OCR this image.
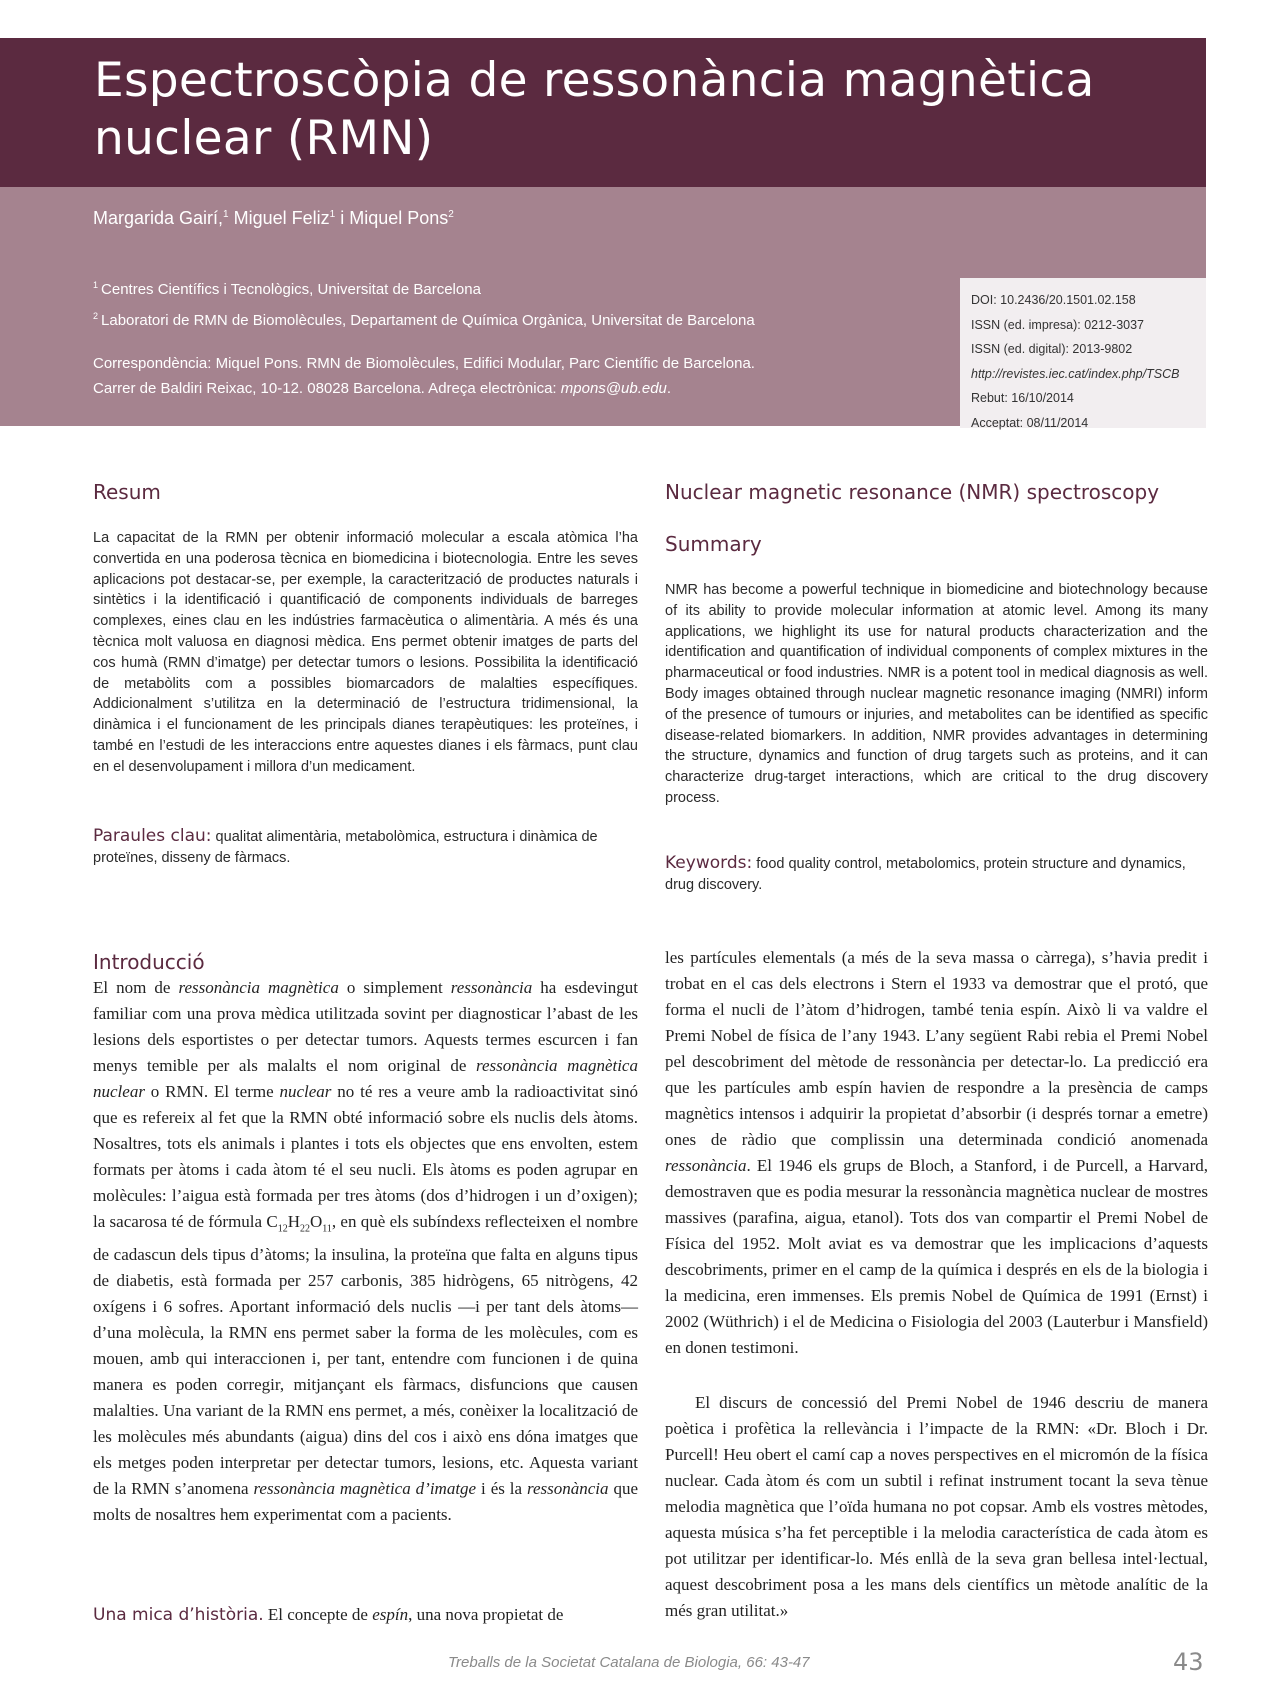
Espectroscòpia de ressonància magnètica
nuclear (RMN)
Margarida Gairí,$^1$ Miguel Feliz$^1$ i Miquel Pons$^2$
$^1$ Centres Científics i Tecnològics, Universitat de Barcelona
$^2$ Laboratori de RMN de Biomolècules, Departament de Química Orgànica, Universitat de Barcelona
Correspondència: Miquel Pons. RMN de Biomolècules, Edifici Modular, Parc Científic de Barcelona.
Carrer de Baldiri Reixac, 10-12. 08028 Barcelona. Adreça electrònica: mpons@ub.edu.
DOI: 10.2436/20.1501.02.158
ISSN (ed. impresa): 0212-3037
ISSN (ed. digital): 2013-9802
http://revistes.iec.cat/index.php/TSCB
Rebut: 16/10/2014
Acceptat: 08/11/2014
Resum

La capacitat de la RMN per obtenir informació molecular a escala atòmica l’ha convertida en una poderosa tècnica en biomedicina i biotecnologia. Entre les seves aplicacions pot destacar-se, per exemple, la caracterització de productes naturals i sintètics i la identificació i quantificació de components individuals de barreges complexes, eines clau en les indústries farmacèutica o alimentària. A més és una tècnica molt valuosa en diagnosi mèdica. Ens permet obtenir imatges de parts del cos humà (RMN d’imatge) per detectar tumors o lesions. Possibilita la identificació de metabòlits com a possibles biomarcadors de malalties específiques. Addicionalment s’utilitza en la determinació de l’estructura tridimensional, la dinàmica i el funcionament de les principals dianes terapèutiques: les proteïnes, i també en l’estudi de les interaccions entre aquestes dianes i els fàrmacs, punt clau en el desenvolupament i millora d’un medicament.

Paraules clau: qualitat alimentària, metabolòmica, estructura i dinàmica de proteïnes, disseny de fàrmacs.

Nuclear magnetic resonance (NMR) spectroscopy
Summary

NMR has become a powerful technique in biomedicine and biotechnology because of its ability to provide molecular information at atomic level. Among its many applications, we highlight its use for natural products characterization and the identification and quantification of individual components of complex mixtures in the pharmaceutical or food industries. NMR is a potent tool in medical diagnosis as well. Body images obtained through nuclear magnetic resonance imaging (NMRI) inform of the presence of tumours or injuries, and metabolites can be identified as specific disease-related biomarkers. In addition, NMR provides advantages in determining the structure, dynamics and function of drug targets such as proteins, and it can characterize drug-target interactions, which are critical to the drug discovery process.

Keywords: food quality control, metabolomics, protein structure and dynamics, drug discovery.

Introducció

El nom de ressonància magnètica o simplement ressonància ha esdevingut familiar com una prova mèdica utilitzada sovint per diagnosticar l’abast de les lesions dels esportistes o per detectar tumors. Aquests termes escurcen i fan menys temible per als malalts el nom original de ressonància magnètica nuclear o RMN. El terme nuclear no té res a veure amb la radioactivitat sinó que es refereix al fet que la RMN obté informació sobre els nuclis dels àtoms. Nosaltres, tots els animals i plantes i tots els objectes que ens envolten, estem formats per àtoms i cada àtom té el seu nucli. Els àtoms es poden agrupar en molècules: l’aigua està formada per tres àtoms (dos d’hidrogen i un d’oxigen); la sacarosa té de fórmula $C_{12}H_{22}O_{11}$, en què els subíndexs reflecteixen el nombre de cadascun dels tipus d’àtoms; la insulina, la proteïna que falta en alguns tipus de diabetis, està formada per 257 carbonis, 385 hidrògens, 65 nitrògens, 42 oxígens i 6 sofres. Aportant informació dels nuclis —i per tant dels àtoms— d’una molècula, la RMN ens permet saber la forma de les molècules, com es mouen, amb qui interaccionen i, per tant, entendre com funcionen i de quina manera es poden corregir, mitjançant els fàrmacs, disfuncions que causen malalties. Una variant de la RMN ens permet, a més, conèixer la localització de les molècules més abundants (aigua) dins del cos i això ens dóna imatges que els metges poden interpretar per detectar tumors, lesions, etc. Aquesta variant de la RMN s’anomena ressonància magnètica d’imatge i és la ressonància que molts de nosaltres hem experimentat com a pacients.

Una mica d’història. El concepte de espín, una nova propietat de

les partícules elementals (a més de la seva massa o càrrega), s’havia predit i trobat en el cas dels electrons i Stern el 1933 va demostrar que el protó, que forma el nucli de l’àtom d’hidrogen, també tenia espín. Això li va valdre el Premi Nobel de física de l’any 1943. L’any següent Rabi rebia el Premi Nobel pel descobriment del mètode de ressonància per detectar-lo. La predicció era que les partícules amb espín havien de respondre a la presència de camps magnètics intensos i adquirir la propietat d’absorbir (i després tornar a emetre) ones de ràdio que complissin una determinada condició anomenada ressonància. El 1946 els grups de Bloch, a Stanford, i de Purcell, a Harvard, demostraven que es podia mesurar la ressonància magnètica nuclear de mostres massives (parafina, aigua, etanol). Tots dos van compartir el Premi Nobel de Física del 1952. Molt aviat es va demostrar que les implicacions d’aquests descobriments, primer en el camp de la química i després en els de la biologia i la medicina, eren immenses. Els premis Nobel de Química de 1991 (Ernst) i 2002 (Wüthrich) i el de Medicina o Fisiologia del 2003 (Lauterbur i Mansfield) en donen testimoni.

El discurs de concessió del Premi Nobel de 1946 descriu de manera poètica i profètica la rellevància i l’impacte de la RMN: «Dr. Bloch i Dr. Purcell! Heu obert el camí cap a noves perspectives en el micromón de la física nuclear. Cada àtom és com un subtil i refinat instrument tocant la seva tènue melodia magnètica que l’oïda humana no pot copsar. Amb els vostres mètodes, aquesta música s’ha fet perceptible i la melodia característica de cada àtom es pot utilitzar per identificar-lo. Més enllà de la seva gran bellesa intel·lectual, aquest descobriment posa a les mans dels científics un mètode analític de la més gran utilitat.»

Treballs de la Societat Catalana de Biologia, 66: 43-47	43
